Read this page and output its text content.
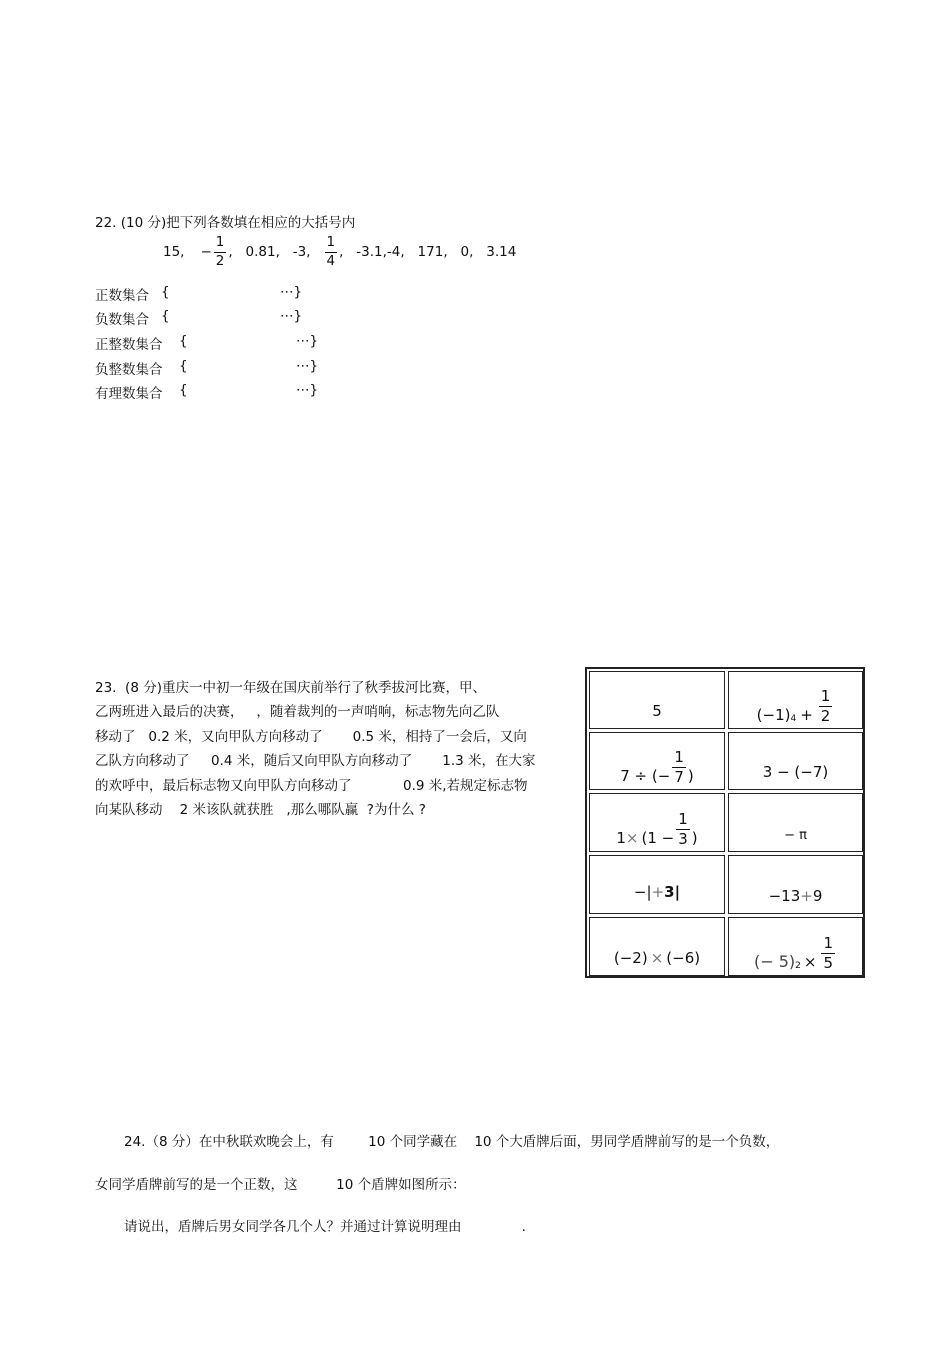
22. (10 分)把下列各数填在相应的大括号内
15, − $\frac{1}{2}$ ,   0.81,   -3, $\frac{1}{4}$ ,   -3.1,-4,   171,   0,   3.14
正数集合 {	⋯}
负数集合 {	⋯}
正整数集合 {	⋯}
负整数集合 {	⋯}
有理数集合 {	⋯}
23.  (8 分)重庆一中初一年级在国庆前举行了秋季拔河比赛，甲、
乙两班进入最后的决赛，   ，随着裁判的一声哨响，标志物先向乙队
移动了   0.2 米，又向甲队方向移动了       0.5 米，相持了一会后，又向
乙队方向移动了     0.4 米，随后又向甲队方向移动了       1.3 米，在大家
的欢呼中，最后标志物又向甲队方向移动了            0.9 米,若规定标志物
向某队移动    2 米该队就获胜   ,那么哪队赢  ?为什么 ?
5	$(-1)_4 + \frac{1}{2}$
7 ÷ (− $\frac{1}{7}$ )	3 − (−7)
$1 \times (1 - \frac{1}{3}$ )	− π
− | + 3|	−13 + 9
(−2) × (−6)	(− $5)_2 \times \frac{1}{5}$
24.（8 分）在中秋联欢晚会上，有        10 个同学藏在    10 个大盾牌后面，男同学盾牌前写的是一个负数，
女同学盾牌前写的是一个正数，这         10 个盾牌如图所示：
请说出，盾牌后男女同学各几个人？并通过计算说明理由              .
